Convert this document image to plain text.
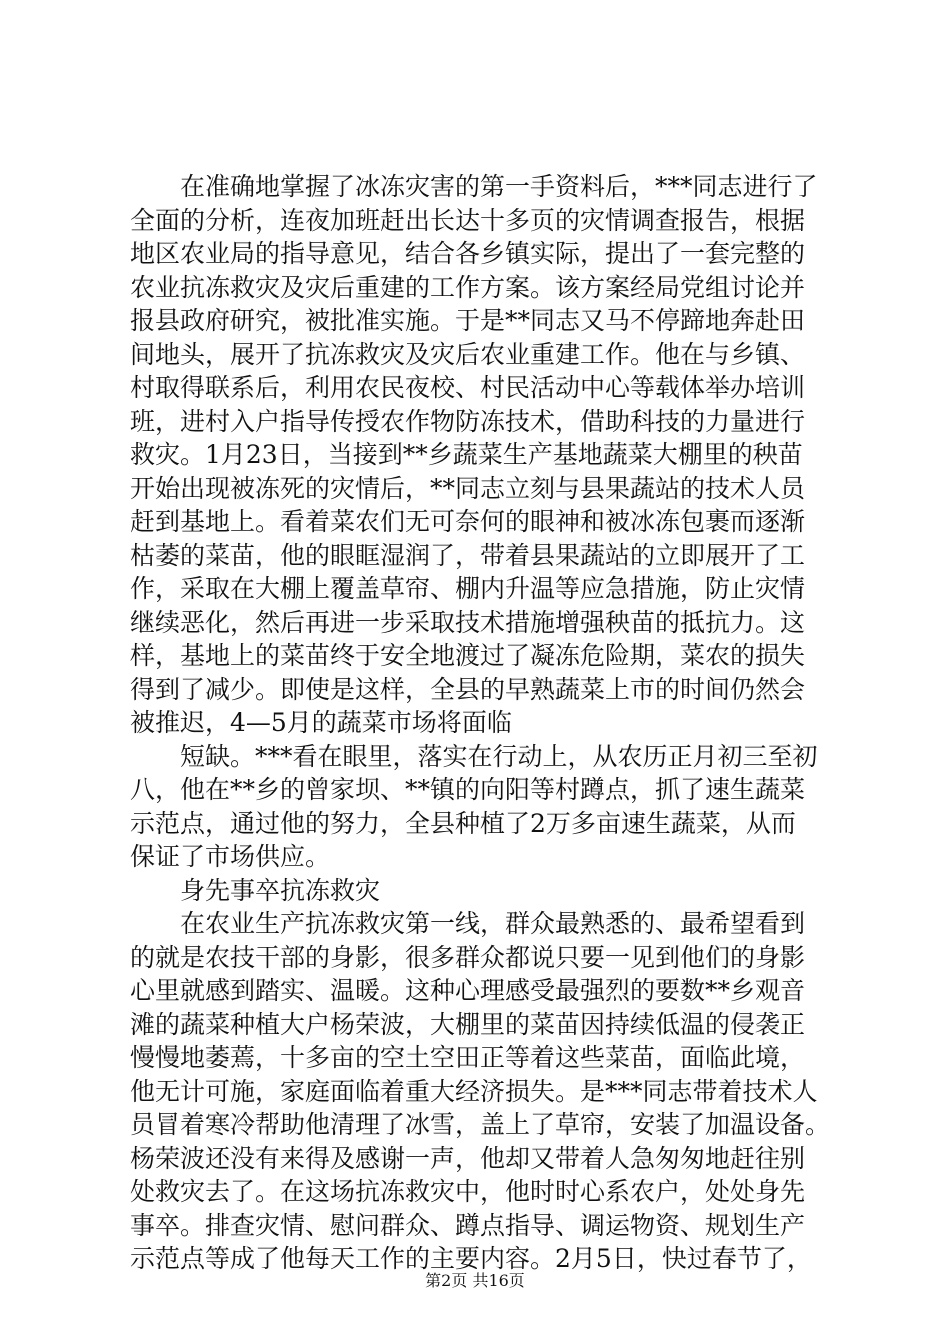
在准确地掌握了冰冻灾害的第一手资料后，***同志进行了
全面的分析，连夜加班赶出长达十多页的灾情调查报告，根据
地区农业局的指导意见，结合各乡镇实际，提出了一套完整的
农业抗冻救灾及灾后重建的工作方案。该方案经局党组讨论并
报县政府研究，被批准实施。于是**同志又马不停蹄地奔赴田
间地头，展开了抗冻救灾及灾后农业重建工作。他在与乡镇、
村取得联系后，利用农民夜校、村民活动中心等载体举办培训
班，进村入户指导传授农作物防冻技术，借助科技的力量进行
救灾。1月23日，当接到**乡蔬菜生产基地蔬菜大棚里的秧苗
开始出现被冻死的灾情后，**同志立刻与县果蔬站的技术人员
赶到基地上。看着菜农们无可奈何的眼神和被冰冻包裹而逐渐
枯萎的菜苗，他的眼眶湿润了，带着县果蔬站的立即展开了工
作，采取在大棚上覆盖草帘、棚内升温等应急措施，防止灾情
继续恶化，然后再进一步采取技术措施增强秧苗的抵抗力。这
样，基地上的菜苗终于安全地渡过了凝冻危险期，菜农的损失
得到了减少。即使是这样，全县的早熟蔬菜上市的时间仍然会
被推迟，4—5月的蔬菜市场将面临
短缺。***看在眼里，落实在行动上，从农历正月初三至初
八，他在**乡的曾家坝、**镇的向阳等村蹲点，抓了速生蔬菜
示范点，通过他的努力，全县种植了2万多亩速生蔬菜，从而
保证了市场供应。
身先事卒抗冻救灾
在农业生产抗冻救灾第一线，群众最熟悉的、最希望看到
的就是农技干部的身影，很多群众都说只要一见到他们的身影
心里就感到踏实、温暖。这种心理感受最强烈的要数**乡观音
滩的蔬菜种植大户杨荣波，大棚里的菜苗因持续低温的侵袭正
慢慢地萎蔫，十多亩的空土空田正等着这些菜苗，面临此境，
他无计可施，家庭面临着重大经济损失。是***同志带着技术人
员冒着寒冷帮助他清理了冰雪，盖上了草帘，安装了加温设备。
杨荣波还没有来得及感谢一声，他却又带着人急匆匆地赶往别
处救灾去了。在这场抗冻救灾中，他时时心系农户，处处身先
事卒。排查灾情、慰问群众、蹲点指导、调运物资、规划生产
示范点等成了他每天工作的主要内容。2月5日，快过春节了，
第2页 共16页
